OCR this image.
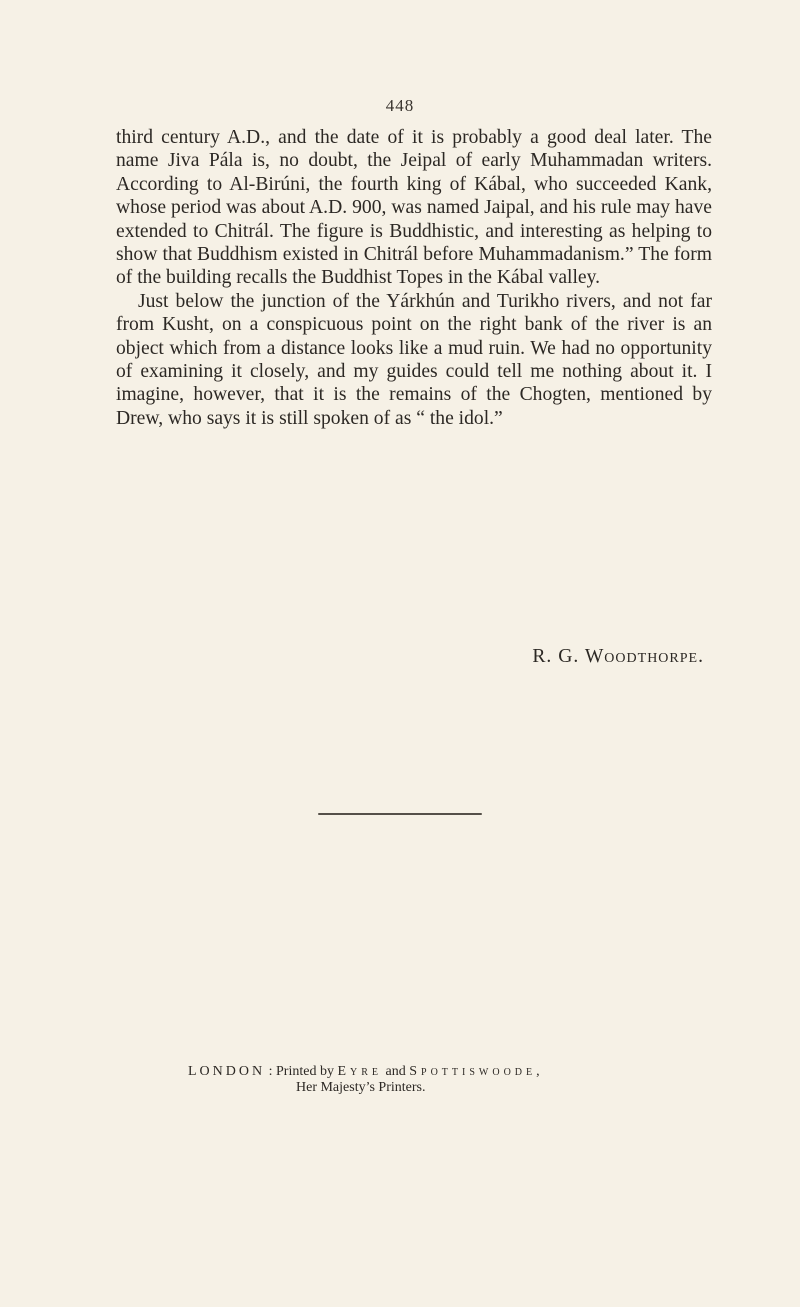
448

third century A.D., and the date of it is probably a good deal later. The name Jiva Pála is, no doubt, the Jeipal of early Muhammadan writers. According to Al-Birúni, the fourth king of Kábal, who succeeded Kank, whose period was about A.D. 900, was named Jaipal, and his rule may have extended to Chitrál. The figure is Buddhistic, and interesting as helping to show that Buddhism existed in Chitrál before Muhammadanism.” The form of the building recalls the Buddhist Topes in the Kábal valley.

Just below the junction of the Yárkhún and Turikho rivers, and not far from Kusht, on a conspicuous point on the right bank of the river is an object which from a distance looks like a mud ruin. We had no opportunity of examining it closely, and my guides could tell me nothing about it. I imagine, however, that it is the remains of the Chogten, mentioned by Drew, who says it is still spoken of as “ the idol.”

R. G. Woodthorpe.
LONDON : Printed by Eyre and Spottiswoode,
Her Majesty’s Printers.
